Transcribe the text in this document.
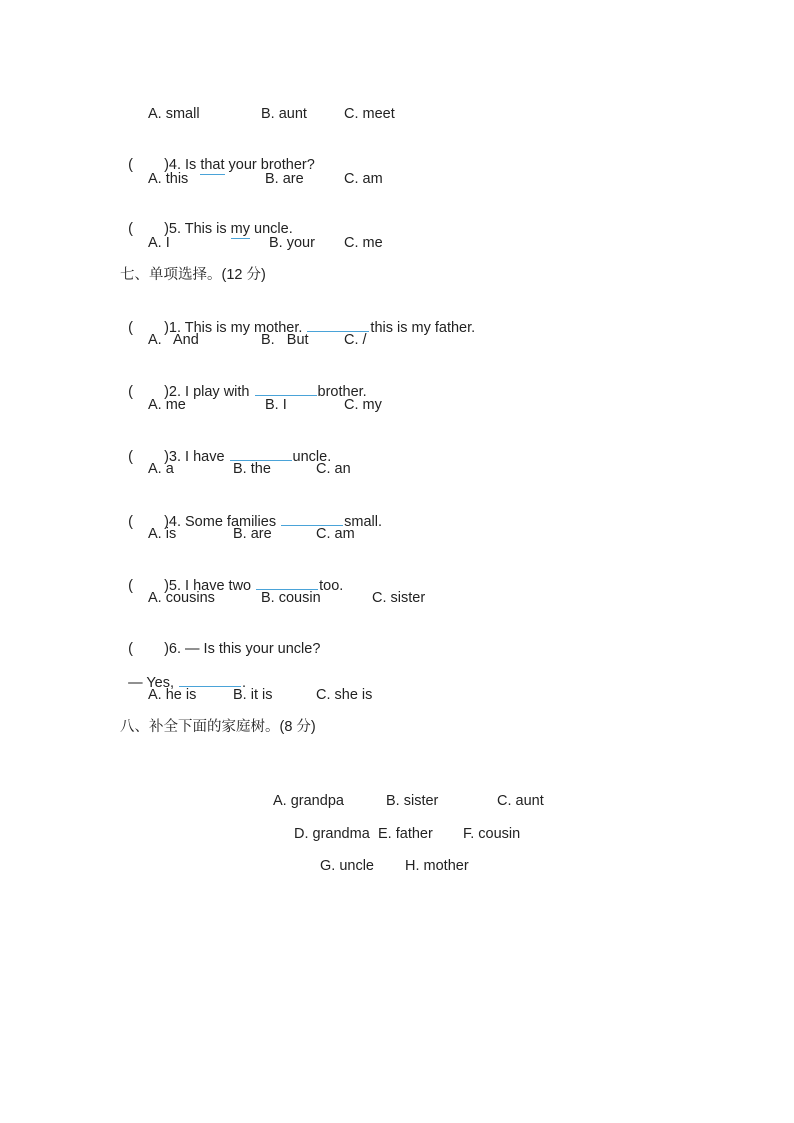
A. small	B. aunt	C. meet

( )4. Is that your brother?

A. this	B. are	C. am

( )5. This is my uncle.

A. I	B. your C. me
七、单项选择。(12 分)

( )1. This is my mother.	this is my father.

A.   And	B.   But C. /

( )2. I play with	brother.

A. me	B. I	C. my

( )3. I have	uncle.

A. a	B. the	C. an

( )4. Some families	small.

A. is	B. are	C. am

( )5. I have two	too.

A. cousins	B. cousin	C. sister

( )6. — Is this your uncle?

— Yes,	.

A. he is	B. it is	C. she is
八、补全下面的家庭树。(8 分)
A. grandpa	B. sister	C. aunt
D. grandma E. father F. cousin
G. uncle H. mother
